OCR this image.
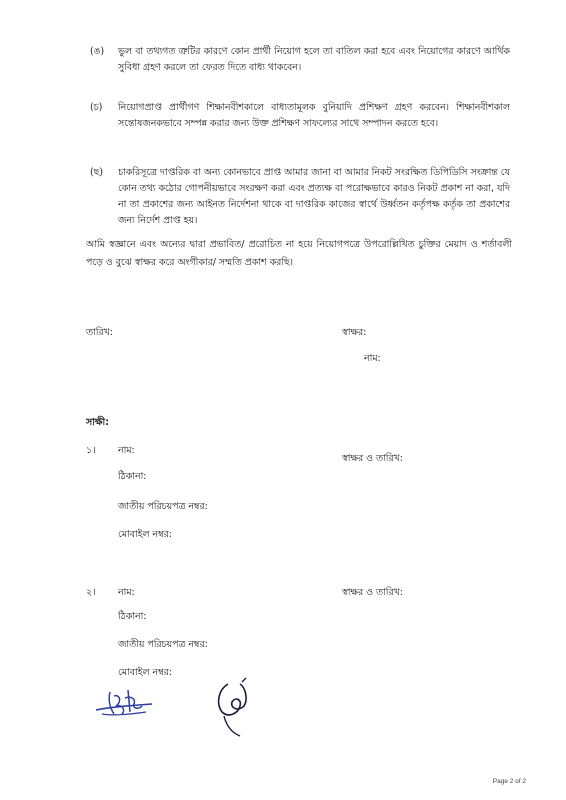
(ঙ) ভুল বা তথ্যগত ত্রুটির কারণে কোন প্রার্থী নিয়োগ হলে তা বাতিল করা হবে এবং নিয়োগের কারণে আর্থিক সুবিধা গ্রহণ করলে তা ফেরত দিতে বাধ্য থাকবেন।
(চ) নিয়োগপ্রাপ্ত প্রার্থীগণ শিক্ষানবীশকালে বাধ্যতামূলক বুনিয়াদি প্রশিক্ষণ গ্রহণ করবেন। শিক্ষানবীশকাল সন্তোষজনকভাবে সম্পন্ন করার জন্য উক্ত প্রশিক্ষণ সাফল্যের সাথে সম্পাদন করতে হবে।
(ছ) চাকরিসূত্রে দাপ্তরিক বা অন্য কোনভাবে প্রাপ্ত আমার জানা বা আমার নিকট সংরক্ষিত ডিপিডিসি সংক্রান্ত যে কোন তথ্য কঠোর গোপনীয়ভাবে সংরক্ষণ করা এবং প্রত্যক্ষ বা পরোক্ষভাবে কারও নিকট প্রকাশ না করা, যদি না তা প্রকাশের জন্য আইনত নির্দেশনা থাকে বা দাপ্তরিক কাজের স্বার্থে উর্ধ্বতন কর্তৃপক্ষ কর্তৃক তা প্রকাশের জন্য নির্দেশ প্রাপ্ত হয়।
আমি স্বজ্ঞানে এবং অন্যের দ্বারা প্রভাবিত/ প্ররোচিত না হয়ে নিয়োগপত্রে উপরোল্লিখিত চুক্তির মেয়াদ ও শর্তাবলী পড়ে ও বুঝে স্বাক্ষর করে অংগীকার/ সম্মতি প্রকাশ করছি।
তারিখ:	স্বাক্ষর:
নাম:
সাক্ষী:
১। নাম:
স্বাক্ষর ও তারিখ:
ঠিকানা:
জাতীয় পরিচয়পত্র নম্বর:
মোবাইল নম্বর:
২। নাম:	স্বাক্ষর ও তারিখ:
ঠিকানা:
জাতীয় পরিচয়পত্র নম্বর:
মোবাইল নম্বর:
Page 2 of 2
